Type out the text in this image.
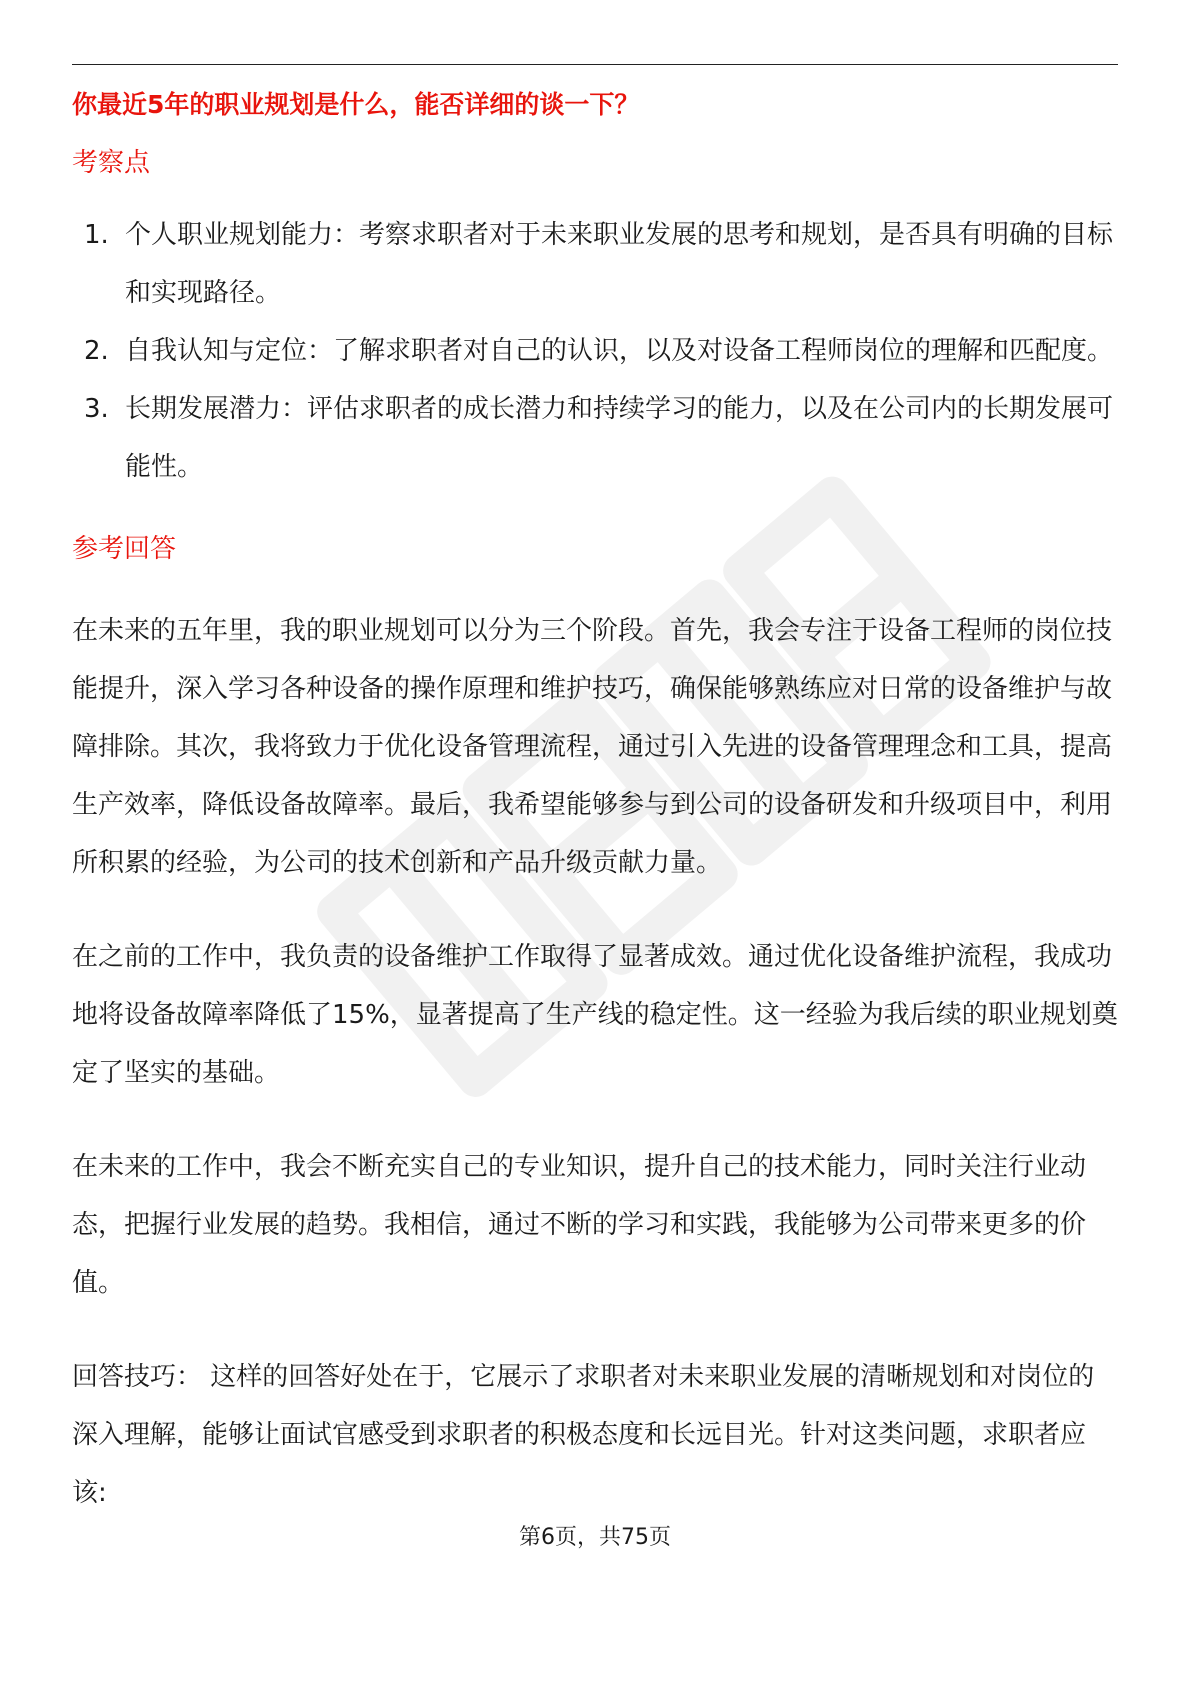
你最近5年的职业规划是什么，能否详细的谈一下？
考察点
1. 个人职业规划能力：考察求职者对于未来职业发展的思考和规划，是否具有明确的目标和实现路径。
2. 自我认知与定位：了解求职者对自己的认识，以及对设备工程师岗位的理解和匹配度。
3. 长期发展潜力：评估求职者的成长潜力和持续学习的能力，以及在公司内的长期发展可能性。
参考回答

在未来的五年里，我的职业规划可以分为三个阶段。首先，我会专注于设备工程师的岗位技能提升，深入学习各种设备的操作原理和维护技巧，确保能够熟练应对日常的设备维护与故障排除。其次，我将致力于优化设备管理流程，通过引入先进的设备管理理念和工具，提高生产效率，降低设备故障率。最后，我希望能够参与到公司的设备研发和升级项目中，利用所积累的经验，为公司的技术创新和产品升级贡献力量。

在之前的工作中，我负责的设备维护工作取得了显著成效。通过优化设备维护流程，我成功地将设备故障率降低了15%，显著提高了生产线的稳定性。这一经验为我后续的职业规划奠定了坚实的基础。

在未来的工作中，我会不断充实自己的专业知识，提升自己的技术能力，同时关注行业动态，把握行业发展的趋势。我相信，通过不断的学习和实践，我能够为公司带来更多的价值。

回答技巧： 这样的回答好处在于，它展示了求职者对未来职业发展的清晰规划和对岗位的深入理解，能够让面试官感受到求职者的积极态度和长远目光。针对这类问题，求职者应该:

第6页，共75页
